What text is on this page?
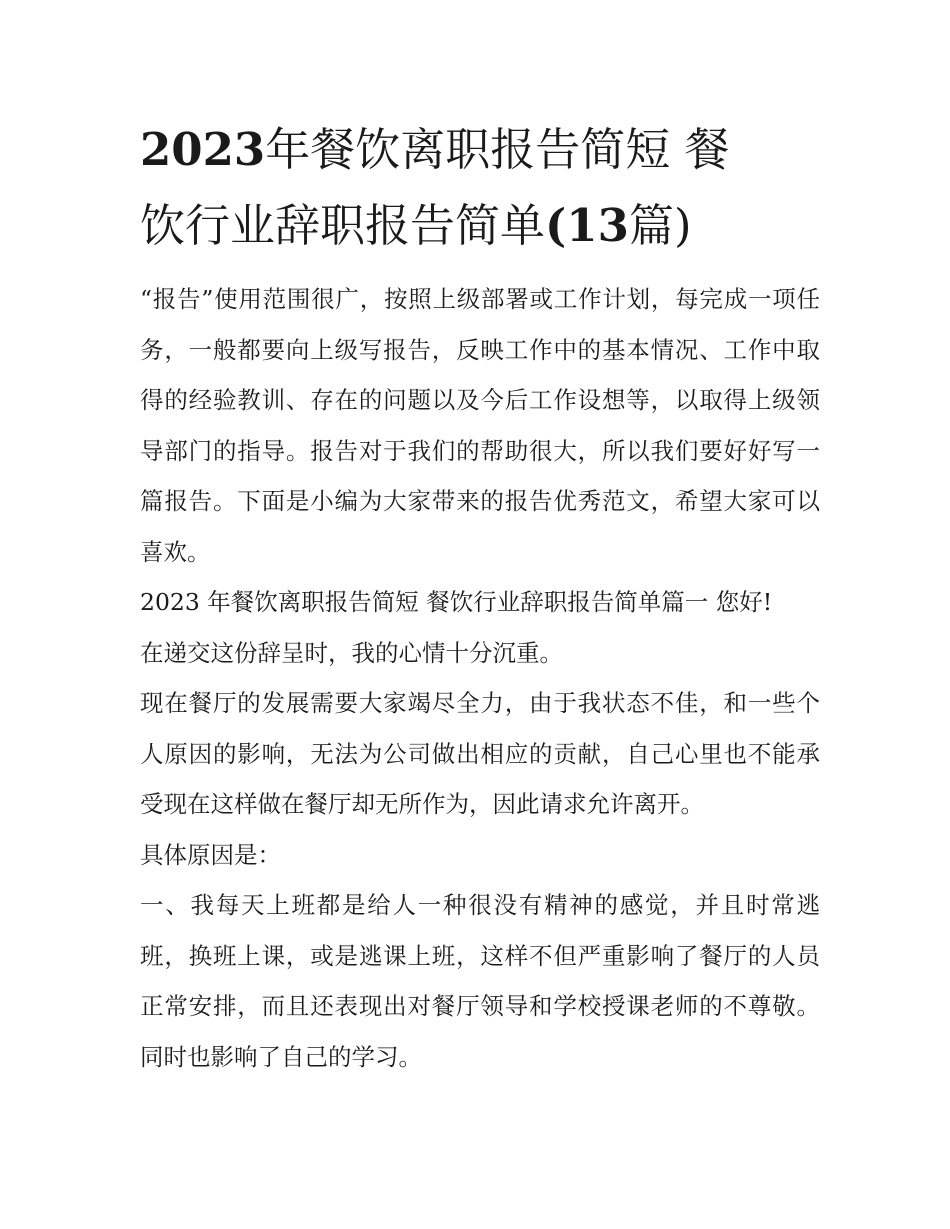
2023年餐饮离职报告简短 餐
饮行业辞职报告简单(13篇)

“报告”使用范围很广，按照上级部署或工作计划，每完成一项任务，一般都要向上级写报告，反映工作中的基本情况、工作中取得的经验教训、存在的问题以及今后工作设想等，以取得上级领导部门的指导。报告对于我们的帮助很大，所以我们要好好写一篇报告。下面是小编为大家带来的报告优秀范文，希望大家可以喜欢。

2023 年餐饮离职报告简短 餐饮行业辞职报告简单篇一 您好!

在递交这份辞呈时，我的心情十分沉重。

现在餐厅的发展需要大家竭尽全力，由于我状态不佳，和一些个人原因的影响，无法为公司做出相应的贡献，自己心里也不能承受现在这样做在餐厅却无所作为，因此请求允许离开。

具体原因是：

一、我每天上班都是给人一种很没有精神的感觉，并且时常逃班，换班上课，或是逃课上班，这样不但严重影响了餐厅的人员正常安排，而且还表现出对餐厅领导和学校授课老师的不尊敬。同时也影响了自己的学习。
